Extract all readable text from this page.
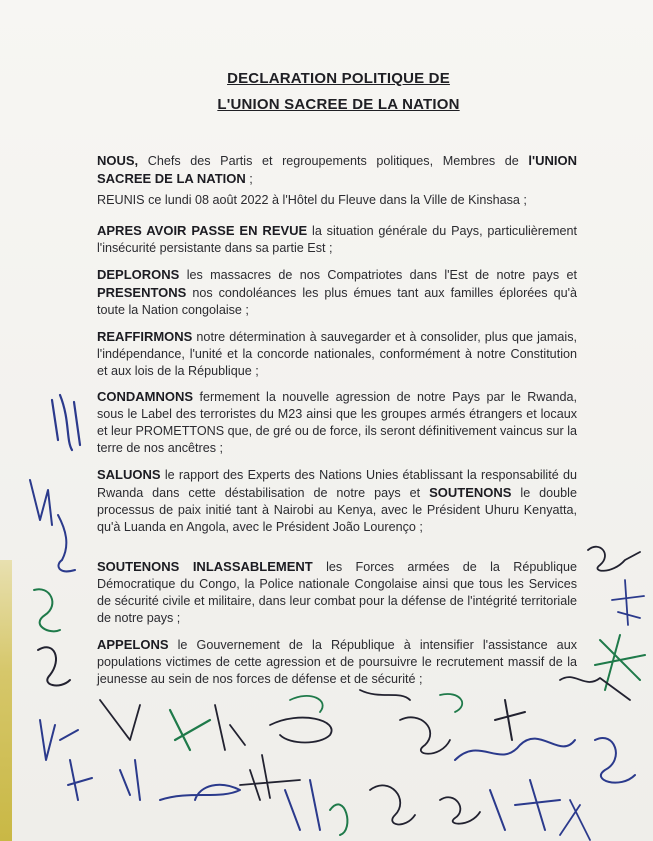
DECLARATION POLITIQUE DE
L'UNION SACREE DE LA NATION
NOUS, Chefs des Partis et regroupements politiques, Membres de l'UNION SACREE DE LA NATION ;
REUNIS ce lundi 08 août 2022 à l'Hôtel du Fleuve dans la Ville de Kinshasa ;
APRES AVOIR PASSE EN REVUE la situation générale du Pays, particulièrement l'insécurité persistante dans sa partie Est ;
DEPLORONS les massacres de nos Compatriotes dans l'Est de notre pays et PRESENTONS nos condoléances les plus émues tant aux familles éplorées qu'à toute la Nation congolaise ;
REAFFIRMONS notre détermination à sauvegarder et à consolider, plus que jamais, l'indépendance, l'unité et la concorde nationales, conformément à notre Constitution et aux lois de la République ;
CONDAMNONS fermement la nouvelle agression de notre Pays par le Rwanda, sous le Label des terroristes du M23 ainsi que les groupes armés étrangers et locaux et leur PROMETTONS que, de gré ou de force, ils seront définitivement vaincus sur la terre de nos ancêtres ;
SALUONS le rapport des Experts des Nations Unies établissant la responsabilité du Rwanda dans cette déstabilisation de notre pays et SOUTENONS le double processus de paix initié tant à Nairobi au Kenya, avec le Président Uhuru Kenyatta, qu'à Luanda en Angola, avec le Président João Lourenço ;
SOUTENONS INLASSABLEMENT les Forces armées de la République Démocratique du Congo, la Police nationale Congolaise ainsi que tous les Services de sécurité civile et militaire, dans leur combat pour la défense de l'intégrité territoriale de notre pays ;
APPELONS le Gouvernement de la République à intensifier l'assistance aux populations victimes de cette agression et de poursuivre le recrutement massif de la jeunesse au sein de nos forces de défense et de sécurité ;
